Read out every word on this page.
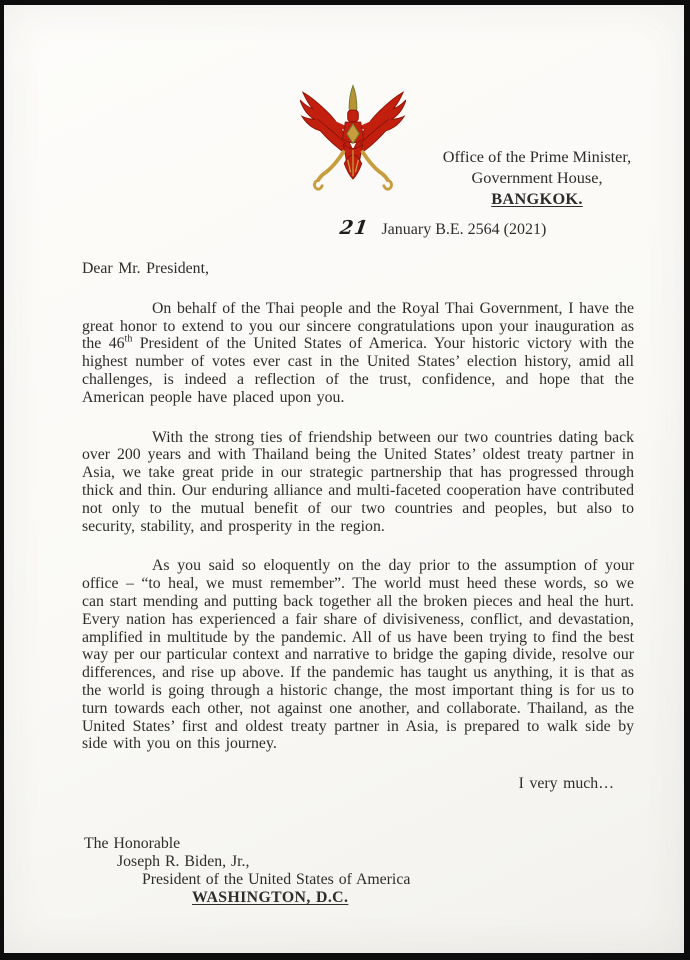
Office of the Prime Minister,
Government House,
BANGKOK.
21 January B.E. 2564 (2021)
Dear Mr. President,

On behalf of the Thai people and the Royal Thai Government, I have the great honor to extend to you our sincere congratulations upon your inauguration as the 46th President of the United States of America. Your historic victory with the highest number of votes ever cast in the United States’ election history, amid all challenges, is indeed a reflection of the trust, confidence, and hope that the American people have placed upon you.

With the strong ties of friendship between our two countries dating back over 200 years and with Thailand being the United States’ oldest treaty partner in Asia, we take great pride in our strategic partnership that has progressed through thick and thin. Our enduring alliance and multi-faceted cooperation have contributed not only to the mutual benefit of our two countries and peoples, but also to security, stability, and prosperity in the region.

As you said so eloquently on the day prior to the assumption of your office – “to heal, we must remember”. The world must heed these words, so we can start mending and putting back together all the broken pieces and heal the hurt. Every nation has experienced a fair share of divisiveness, conflict, and devastation, amplified in multitude by the pandemic. All of us have been trying to find the best way per our particular context and narrative to bridge the gaping divide, resolve our differences, and rise up above. If the pandemic has taught us anything, it is that as the world is going through a historic change, the most important thing is for us to turn towards each other, not against one another, and collaborate. Thailand, as the United States’ first and oldest treaty partner in Asia, is prepared to walk side by side with you on this journey.

I very much…
The Honorable
Joseph R. Biden, Jr.,
President of the United States of America
WASHINGTON, D.C.
